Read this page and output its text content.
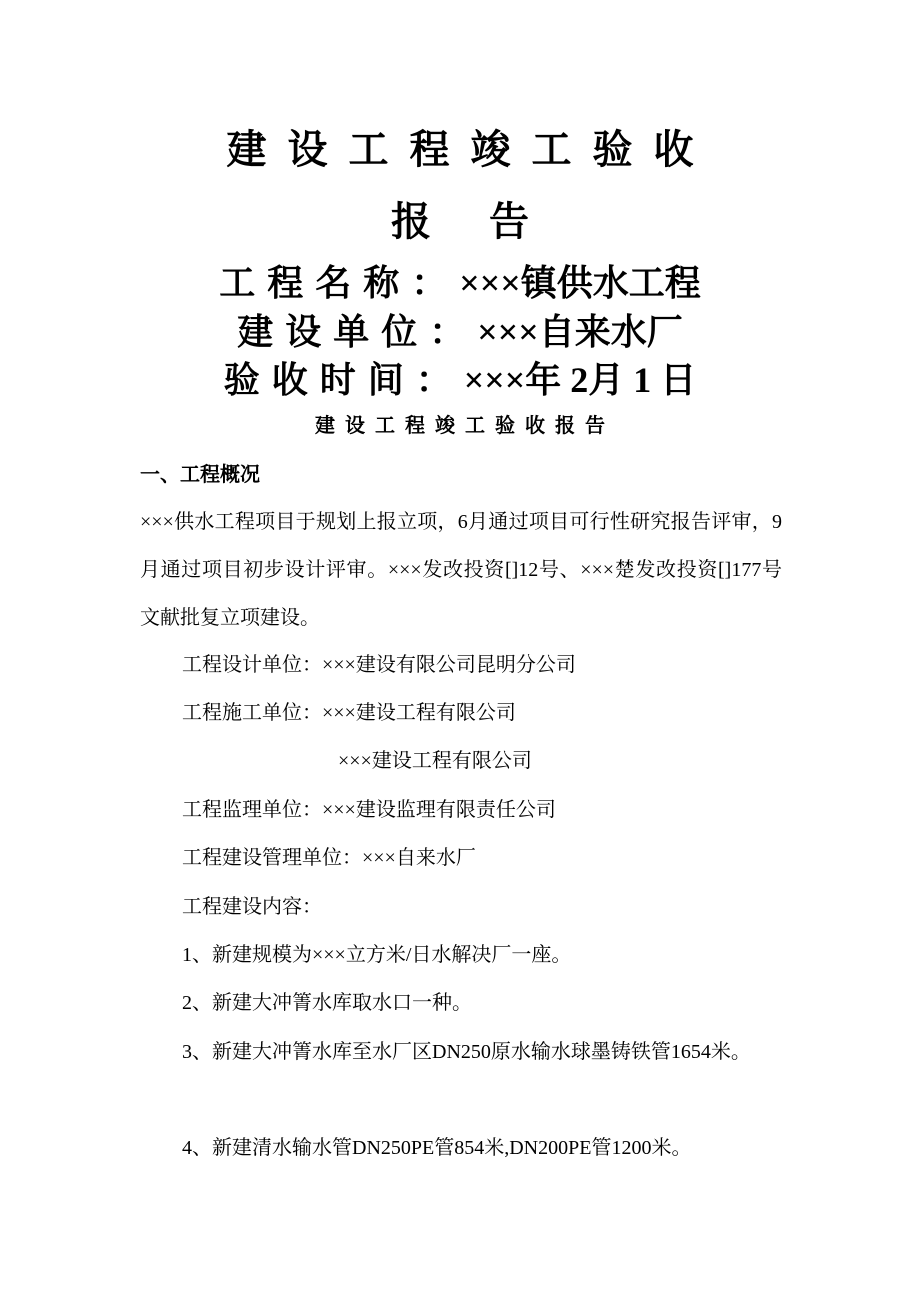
建设工程竣工验收
报告
工程名称：×××镇供水工程
建设单位：×××自来水厂
验收时间：×××年 2月 1 日
建设工程竣工验收报告
一、工程概况
×××供水工程项目于规划上报立项，6月通过项目可行性研究报告评审，9月通过项目初步设计评审。×××发改投资[]12号、×××楚发改投资[]177号文献批复立项建设。
工程设计单位：×××建设有限公司昆明分公司
工程施工单位：×××建设工程有限公司
×××建设工程有限公司
工程监理单位：×××建设监理有限责任公司
工程建设管理单位：×××自来水厂
工程建设内容：
1、新建规模为×××立方米/日水解决厂一座。
2、新建大冲箐水库取水口一种。
3、新建大冲箐水库至水厂区DN250原水输水球墨铸铁管1654米。
4、新建清水输水管DN250PE管854米,DN200PE管1200米。
